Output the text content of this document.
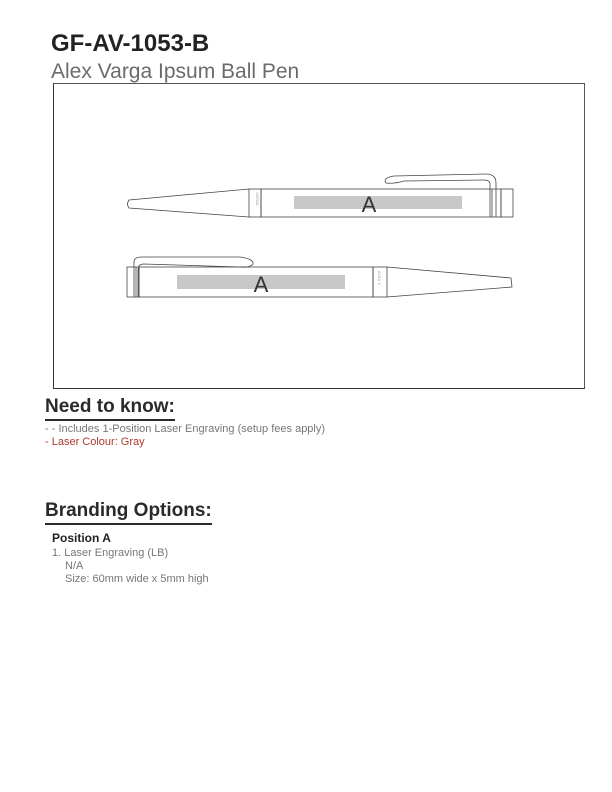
GF-AV-1053-B
Alex Varga Ipsum Ball Pen
A
VARGA
A	ALEX V
Need to know:
- - Includes 1-Position Laser Engraving (setup fees apply)
- Laser Colour: Gray
Branding Options:
Position A
1. Laser Engraving (LB)
N/A
Size: 60mm wide x 5mm high
